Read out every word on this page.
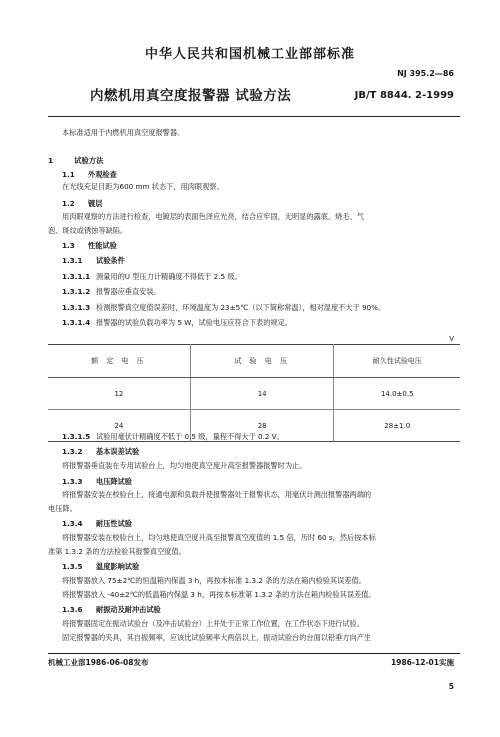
中华人民共和国机械工业部部标准
NJ 395.2—86
内燃机用真空度报警器 试验方法	JB/T 8844. 2-1999
本标准适用于内燃机用真空度报警器。
1	试验方法
1.1 外观检查
在光线充足目距为600 mm 状态下，用肉眼观察。
1.2 镀层
用肉眼观察的方法进行检查，电镀层的表面色泽应光亮，结合应牢固，无明显的露底、烧毛、气
泡、斑纹或锈蚀等缺陷。
1.3 性能试验
1.3.1 试验条件
1.3.1.1 测量用的U 型压力计精确度不得低于 2.5 级。
1.3.1.2 报警器应垂直安装。
1.3.1.3 检测报警真空度值误差时，环境温度为 23±5℃（以下简称常温），相对湿度不大于 90%。
1.3.1.4 报警器的试验负载功率为 5 W，试验电压应符合下表的规定。
V
额 定 电 压	试 验 电 压	耐久性试验电压
12	14	14.0±0.5
24	28	28±1.0
1.3.1.5 试验用毫伏计精确度不低于 0.5 级，量程不得大于 0.2 V。
1.3.2 基本误差试验
将报警器垂直装在专用试验台上，均匀地使真空度升高至报警器报警时为止。
1.3.3 电压降试验
将报警器安装在校验台上，接通电源和负载并使报警器处于报警状态，用毫伏计测出报警器两端的
电压降。
1.3.4 耐压性试验
将报警器安装在校验台上，均匀地使真空度升高至报警真空度值的 1.5 倍，历时 60 s，然后按本标
准第 1.3.2 条的方法检验其报警真空度值。
1.3.5 温度影响试验
将报警器放入 75±2℃的恒温箱内保温 3 h，再按本标准 1.3.2 条的方法在箱内检验其误差值。
将报警器放入 -40±2℃的低温箱内保温 3 h，再按本标准第 1.3.2 条的方法在箱内检验其误差值。
1.3.6 耐振动及耐冲击试验
将报警器固定在振动试验台（及冲击试验台）上并处于正常工作位置，在工作状态下进行试验。
固定报警器的夹具，其自振频率，应该比试验频率大两倍以上，振动试验台的台面以铅垂方向产生
机械工业部1986-06-08发布	1986-12-01实施
5
